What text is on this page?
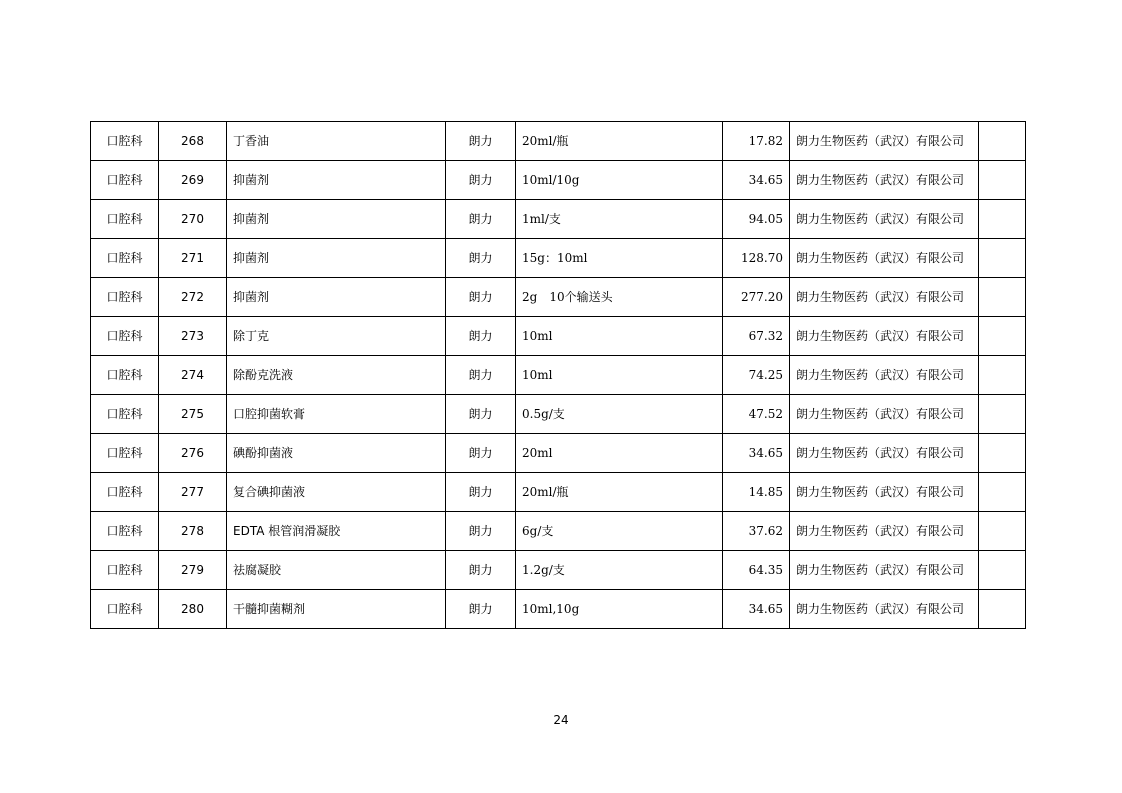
口腔科	268	丁香油	朗力	20ml/瓶	17.82	朗力生物医药（武汉）有限公司	
口腔科	269	抑菌剂	朗力	10ml/10g	34.65	朗力生物医药（武汉）有限公司	
口腔科	270	抑菌剂	朗力	1ml/支	94.05	朗力生物医药（武汉）有限公司	
口腔科	271	抑菌剂	朗力	15g：10ml	128.70	朗力生物医药（武汉）有限公司	
口腔科	272	抑菌剂	朗力	2g　10个输送头	277.20	朗力生物医药（武汉）有限公司	
口腔科	273	除丁克	朗力	10ml	67.32	朗力生物医药（武汉）有限公司	
口腔科	274	除酚克洗液	朗力	10ml	74.25	朗力生物医药（武汉）有限公司	
口腔科	275	口腔抑菌软膏	朗力	0.5g/支	47.52	朗力生物医药（武汉）有限公司	
口腔科	276	碘酚抑菌液	朗力	20ml	34.65	朗力生物医药（武汉）有限公司	
口腔科	277	复合碘抑菌液	朗力	20ml/瓶	14.85	朗力生物医药（武汉）有限公司	
口腔科	278	EDTA 根管润滑凝胶	朗力	6g/支	37.62	朗力生物医药（武汉）有限公司	
口腔科	279	祛腐凝胶	朗力	1.2g/支	64.35	朗力生物医药（武汉）有限公司	
口腔科	280	干髓抑菌糊剂	朗力	10ml,10g	34.65	朗力生物医药（武汉）有限公司	
24
